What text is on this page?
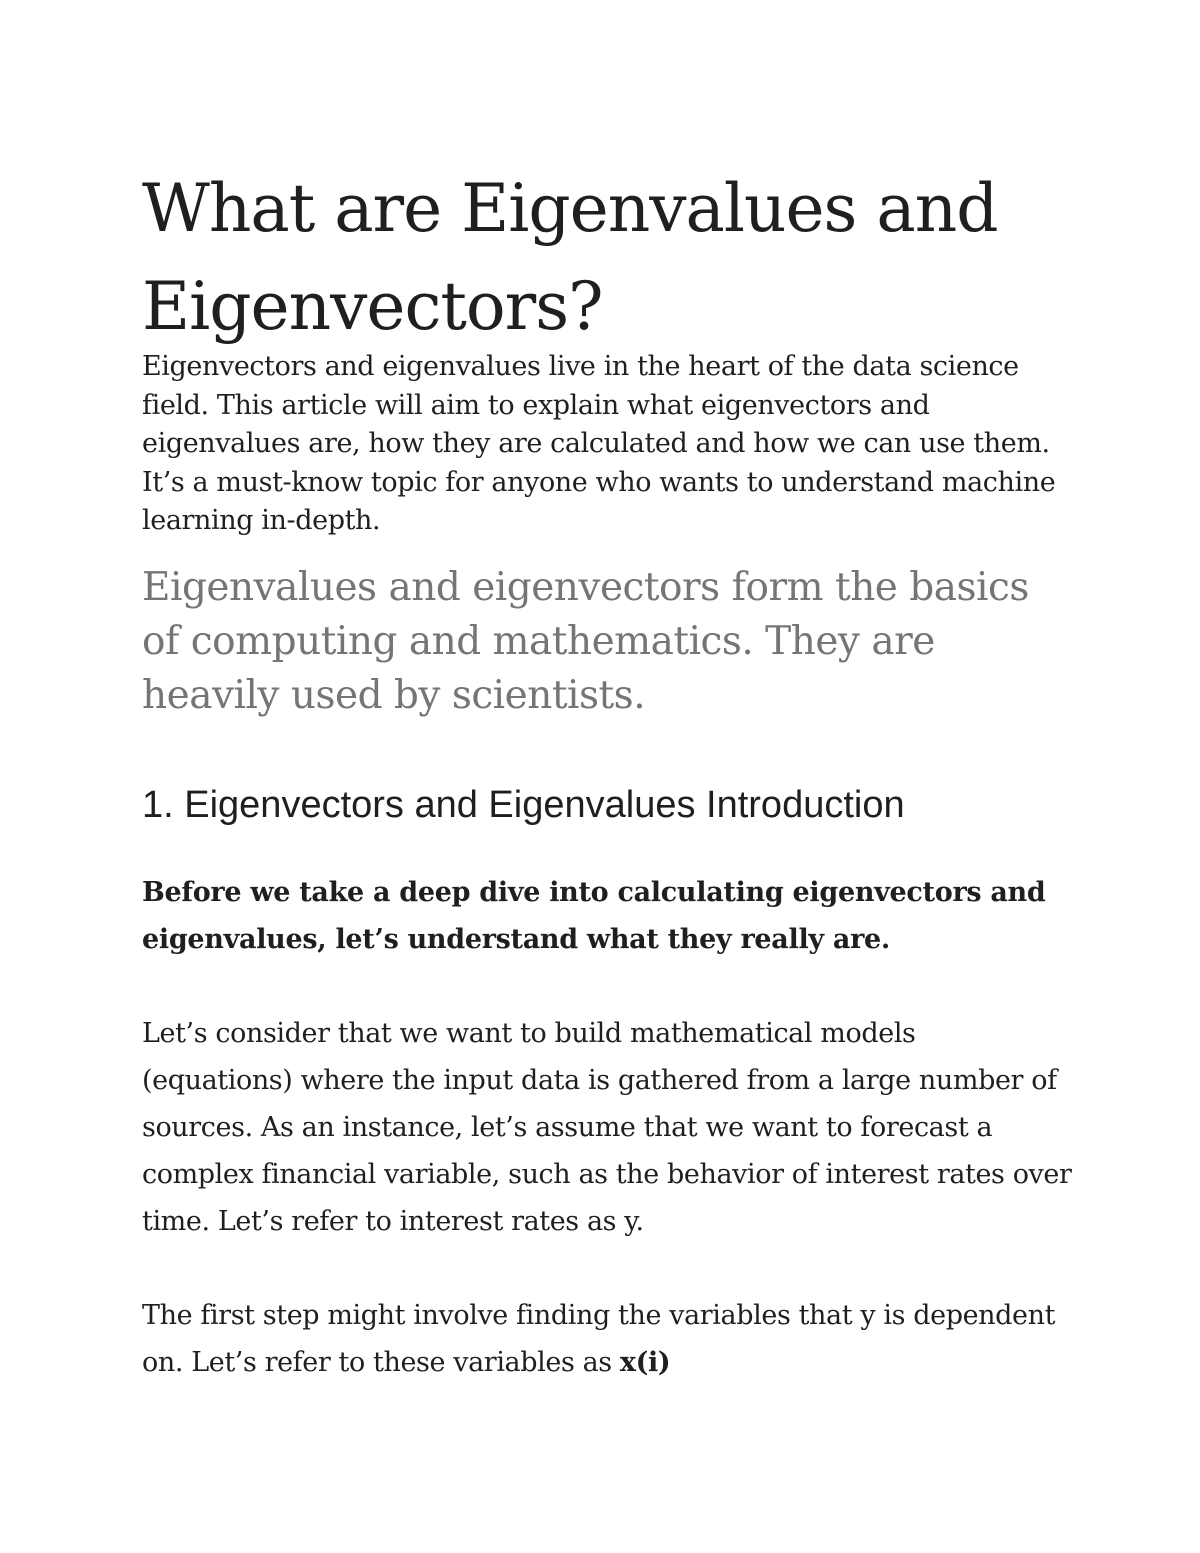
What are Eigenvalues and Eigenvectors?

Eigenvectors and eigenvalues live in the heart of the data science field. This article will aim to explain what eigenvectors and eigenvalues are, how they are calculated and how we can use them. It’s a must-know topic for anyone who wants to understand machine learning in-depth.

Eigenvalues and eigenvectors form the basics of computing and mathematics. They are heavily used by scientists.

1. Eigenvectors and Eigenvalues Introduction

Before we take a deep dive into calculating eigenvectors and eigenvalues, let’s understand what they really are.

Let’s consider that we want to build mathematical models (equations) where the input data is gathered from a large number of sources. As an instance, let’s assume that we want to forecast a complex financial variable, such as the behavior of interest rates over time. Let’s refer to interest rates as y.

The first step might involve finding the variables that y is dependent on. Let’s refer to these variables as x(i)
